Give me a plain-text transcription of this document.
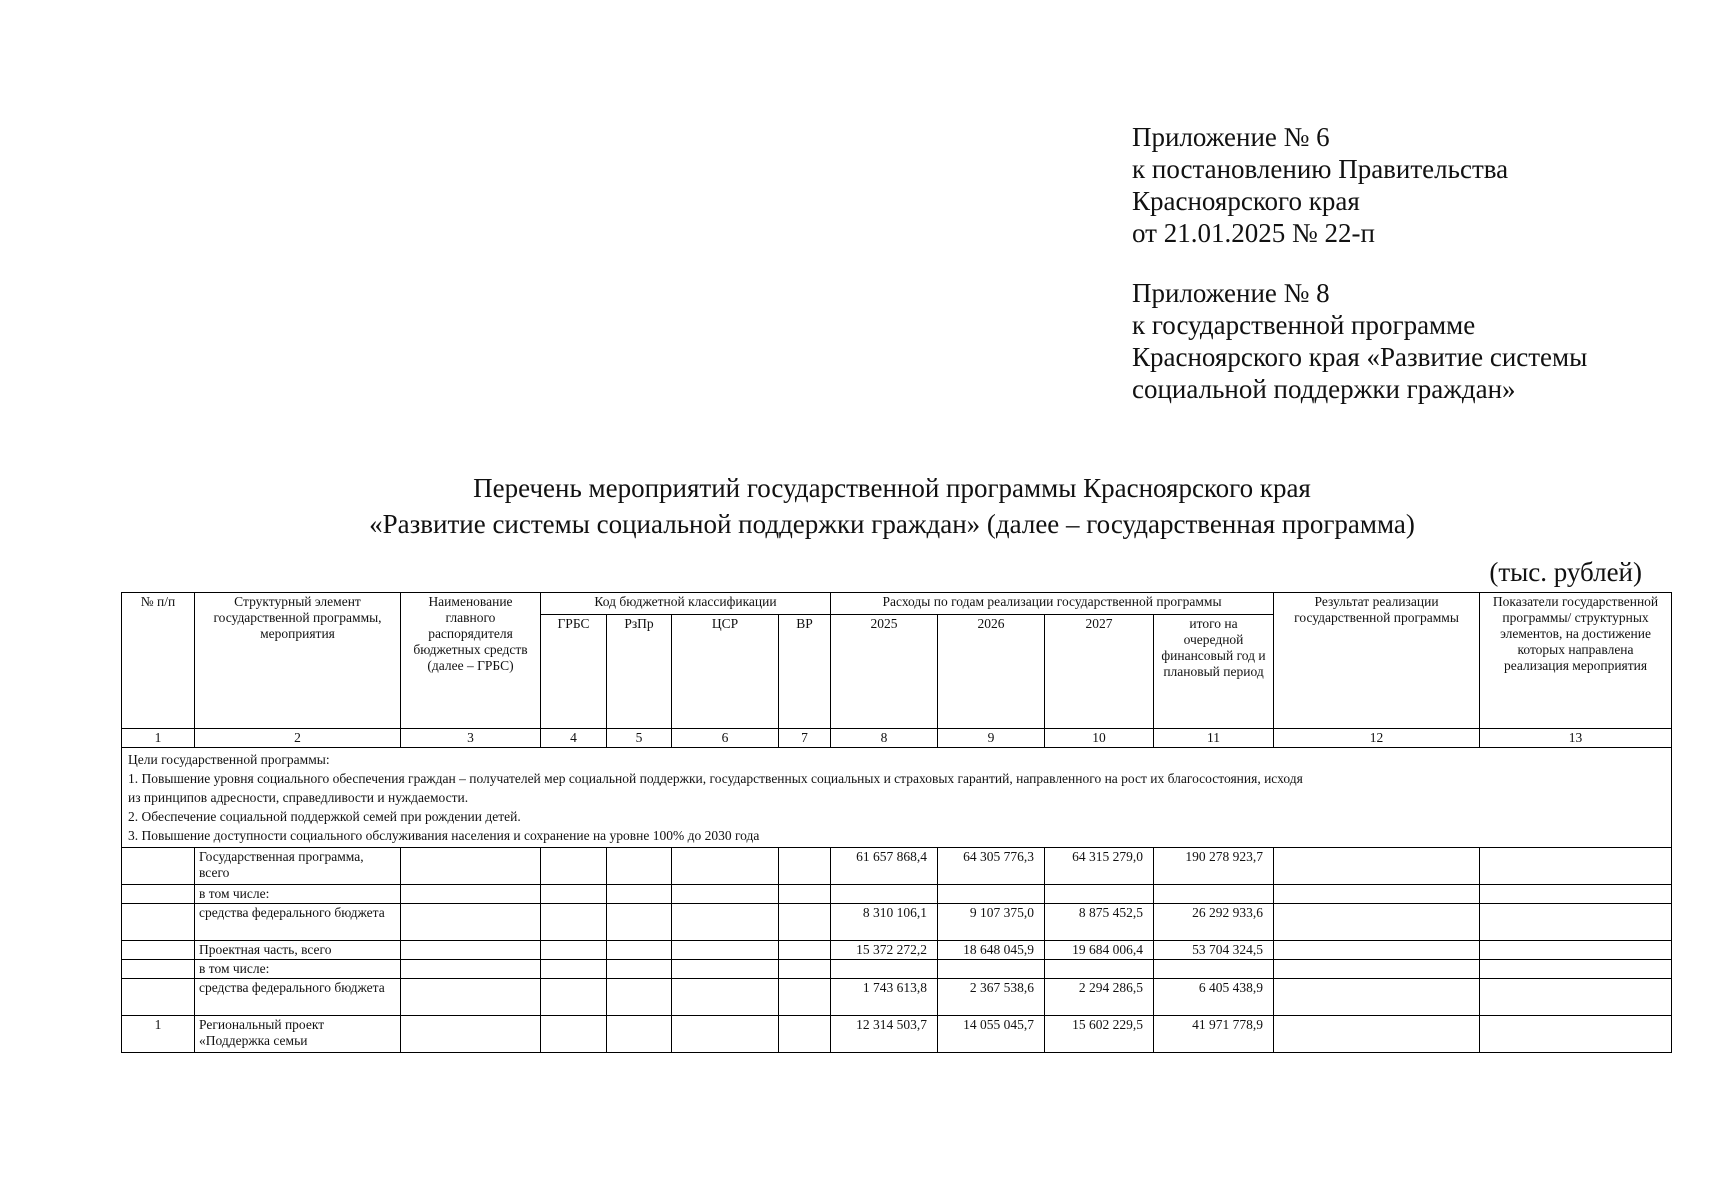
Приложение № 6
к постановлению Правительства
Красноярского края
от 21.01.2025 № 22-п
Приложение № 8
к государственной программе
Красноярского края «Развитие системы
социальной поддержки граждан»
Перечень мероприятий государственной программы Красноярского края
«Развитие системы социальной поддержки граждан» (далее – государственная программа)
(тыс. рублей)
№ п/п	Структурный элемент государственной программы, мероприятия	Наименование главного распорядителя бюджетных средств (далее – ГРБС)	Код бюджетной классификации				Расходы по годам реализации государственной программы				Результат реализации государственной программы	Показатели государственной программы/ структурных элементов, на достижение которых направлена реализация мероприятия
			ГРБС	РзПр	ЦСР	ВР	2025	2026	2027	итого на очередной финансовый год и плановый период		
1	2	3	4	5	6	7	8	9	10	11	12	13

Цели государственной программы:
1. Повышение уровня социального обеспечения граждан – получателей мер социальной поддержки, государственных социальных и страховых гарантий, направленного на рост их благосостояния, исходя
из принципов адресности, справедливости и нуждаемости.
2. Обеспечение социальной поддержкой семей при рождении детей.
3. Повышение доступности социального обслуживания населения и сохранение на уровне 100% до 2030 года												

	Государственная программа, всего						61 657 868,4	64 305 776,3	64 315 279,0	190 278 923,7		
	в том числе:											
	средства федерального бюджета						8 310 106,1	9 107 375,0	8 875 452,5	26 292 933,6		
	Проектная часть, всего						15 372 272,2	18 648 045,9	19 684 006,4	53 704 324,5		
	в том числе:											
	средства федерального бюджета						1 743 613,8	2 367 538,6	2 294 286,5	6 405 438,9		
1	Региональный проект «Поддержка семьи						12 314 503,7	14 055 045,7	15 602 229,5	41 971 778,9		
